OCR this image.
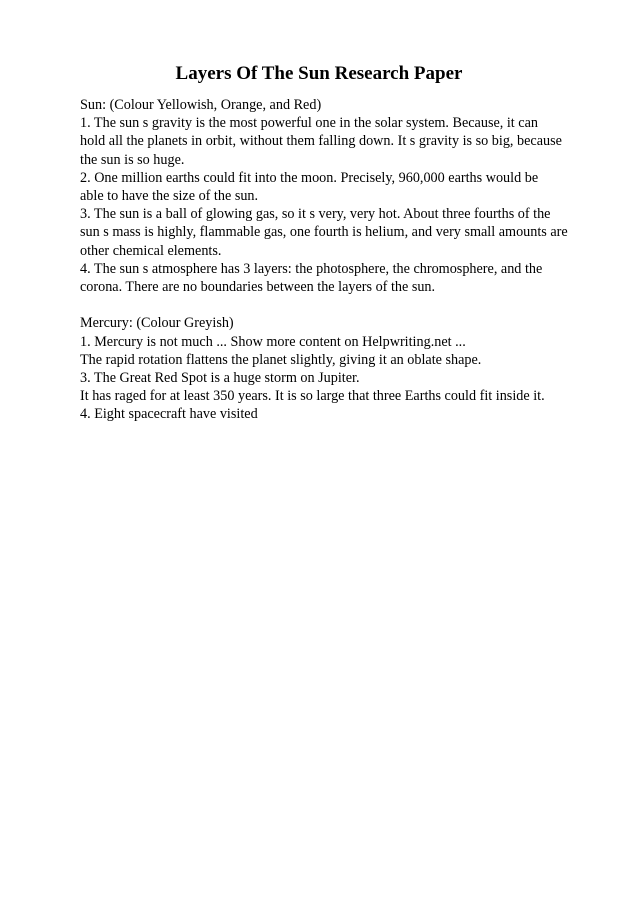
Layers Of The Sun Research Paper
Sun: (Colour Yellowish, Orange, and Red)
1. The sun s gravity is the most powerful one in the solar system. Because, it can
hold all the planets in orbit, without them falling down. It s gravity is so big, because
the sun is so huge.
2. One million earths could fit into the moon. Precisely, 960,000 earths would be
able to have the size of the sun.
3. The sun is a ball of glowing gas, so it s very, very hot. About three fourths of the
sun s mass is highly, flammable gas, one fourth is helium, and very small amounts are
other chemical elements.
4. The sun s atmosphere has 3 layers: the photosphere, the chromosphere, and the
corona. There are no boundaries between the layers of the sun.
Mercury: (Colour Greyish)
1. Mercury is not much ... Show more content on Helpwriting.net ...
The rapid rotation flattens the planet slightly, giving it an oblate shape.
3. The Great Red Spot is a huge storm on Jupiter.
It has raged for at least 350 years. It is so large that three Earths could fit inside it.
4. Eight spacecraft have visited
